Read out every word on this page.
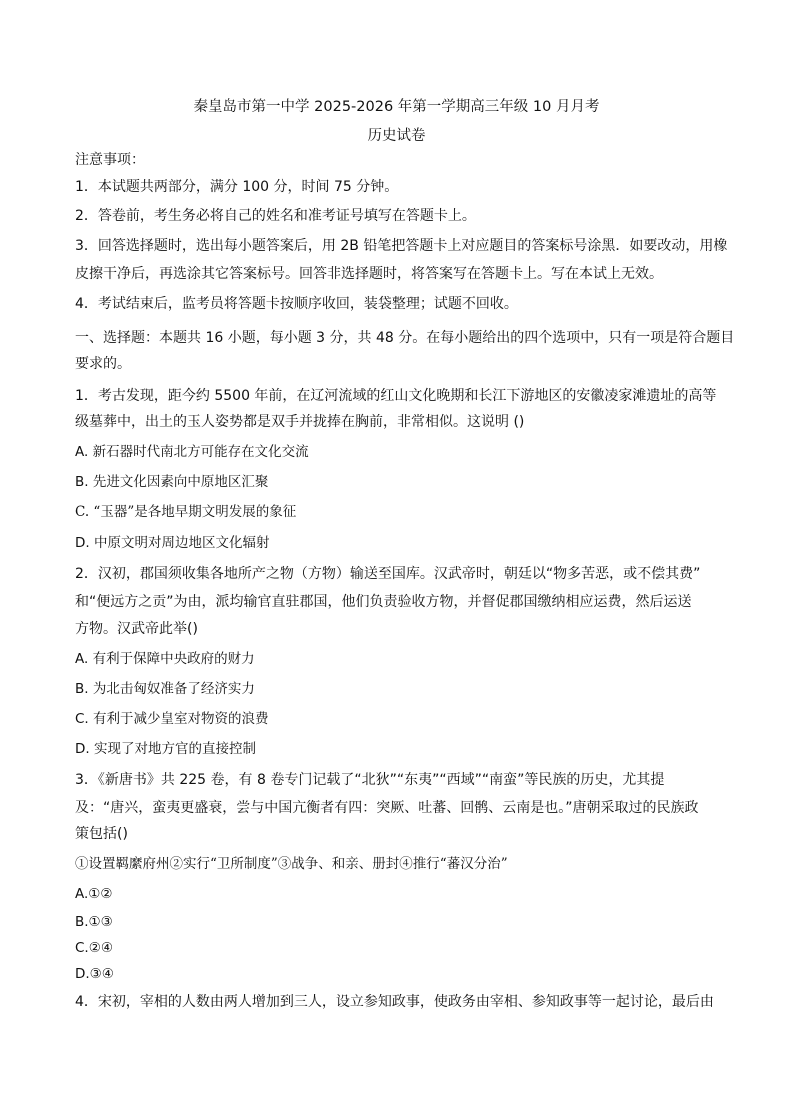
秦皇岛市第一中学 2025-2026 年第一学期高三年级 10 月月考
历史试卷
注意事项：
1．本试题共两部分，满分 100 分，时间 75 分钟。
2．答卷前，考生务必将自己的姓名和准考证号填写在答题卡上。
3．回答选择题时，选出每小题答案后，用 2B 铅笔把答题卡上对应题目的答案标号涂黑．如要改动，用橡
皮擦干净后，再选涂其它答案标号。回答非选择题时，将答案写在答题卡上。写在本试上无效。
4．考试结束后，监考员将答题卡按顺序收回，装袋整理；试题不回收。
一、选择题：本题共 16 小题，每小题 3 分，共 48 分。在每小题给出的四个选项中，只有一项是符合题目
要求的。
1．考古发现，距今约 5500 年前，在辽河流域的红山文化晚期和长江下游地区的安徽凌家滩遗址的高等
级墓葬中，出土的玉人姿势都是双手并拢捧在胸前，非常相似。这说明 ()
A. 新石器时代南北方可能存在文化交流
B. 先进文化因素向中原地区汇聚
C. “玉器”是各地早期文明发展的象征
D. 中原文明对周边地区文化辐射
2．汉初，郡国须收集各地所产之物（方物）输送至国库。汉武帝时，朝廷以“物多苦恶，或不偿其费”
和“便远方之贡”为由，派均输官直驻郡国，他们负责验收方物，并督促郡国缴纳相应运费，然后运送
方物。汉武帝此举()
A. 有利于保障中央政府的财力
B. 为北击匈奴准备了经济实力
C. 有利于减少皇室对物资的浪费
D. 实现了对地方官的直接控制
3．《新唐书》共 225 卷，有 8 卷专门记载了“北狄”“东夷”“西域”“南蛮”等民族的历史，尤其提
及：“唐兴，蛮夷更盛衰，尝与中国亢衡者有四：突厥、吐蕃、回鹘、云南是也。”唐朝采取过的民族政
策包括()
①设置羁縻府州②实行“卫所制度”③战争、和亲、册封④推行“蕃汉分治”
A.①②
B.①③
C.②④
D.③④
4．宋初，宰相的人数由两人增加到三人，设立参知政事，使政务由宰相、参知政事等一起讨论，最后由
